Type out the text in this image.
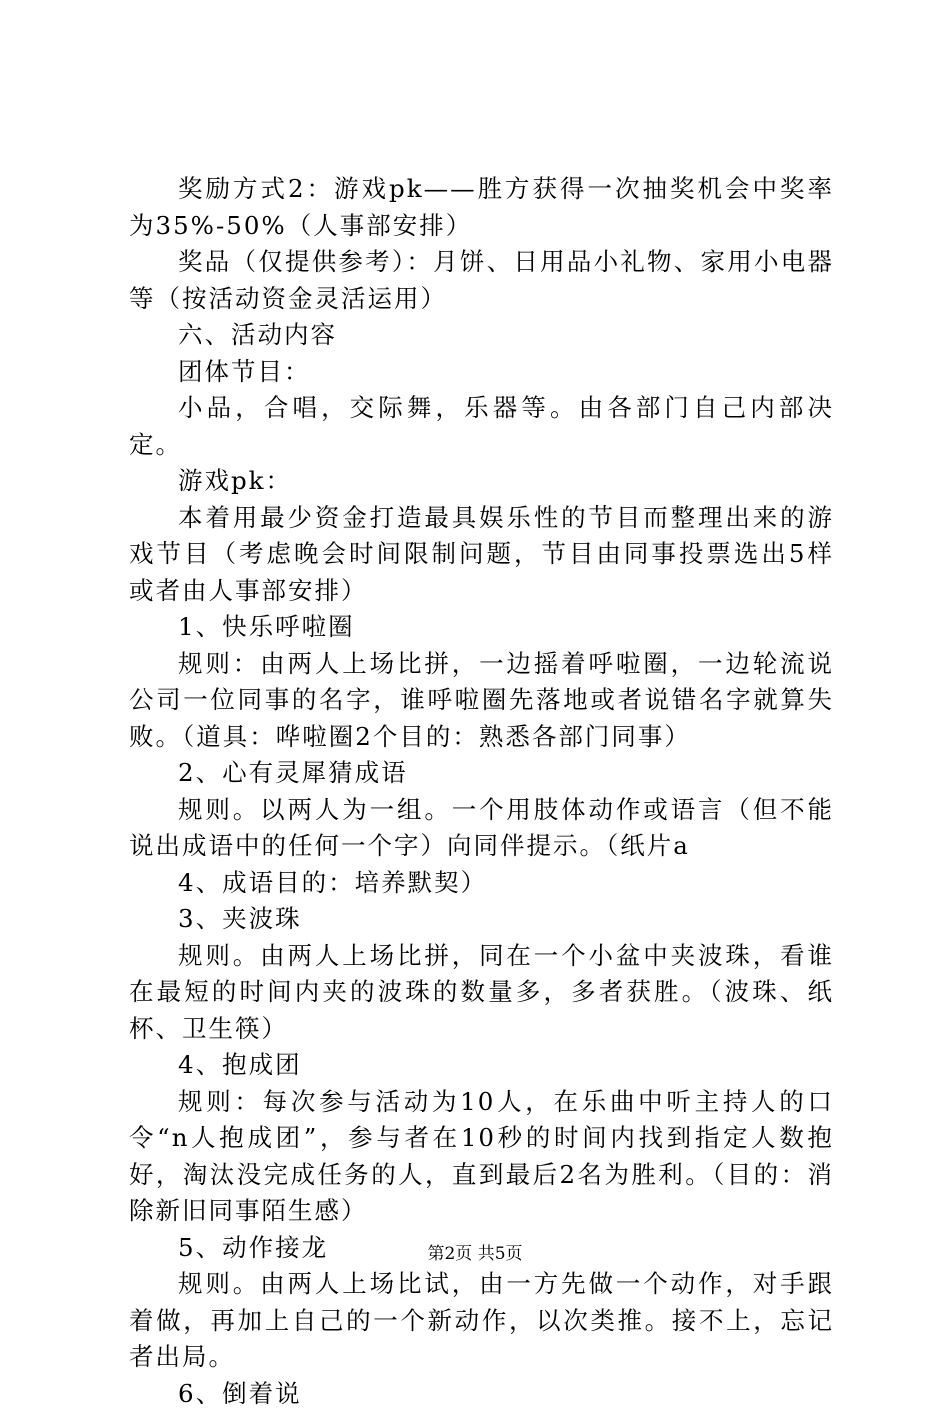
奖励方式2：游戏pk——胜方获得一次抽奖机会中奖率为35%-50%（人事部安排）

奖品（仅提供参考）：月饼、日用品小礼物、家用小电器等（按活动资金灵活运用）

六、活动内容

团体节目：

小品，合唱，交际舞，乐器等。由各部门自己内部决定。

游戏pk：

本着用最少资金打造最具娱乐性的节目而整理出来的游戏节目（考虑晚会时间限制问题，节目由同事投票选出5样或者由人事部安排）

1、快乐呼啦圈

规则：由两人上场比拼，一边摇着呼啦圈，一边轮流说公司一位同事的名字，谁呼啦圈先落地或者说错名字就算失败。（道具：哗啦圈2个目的：熟悉各部门同事）

2、心有灵犀猜成语

规则。以两人为一组。一个用肢体动作或语言（但不能说出成语中的任何一个字）向同伴提示。（纸片a

4、成语目的：培养默契）

3、夹波珠

规则。由两人上场比拼，同在一个小盆中夹波珠，看谁在最短的时间内夹的波珠的数量多，多者获胜。（波珠、纸杯、卫生筷）

4、抱成团

规则：每次参与活动为10人，在乐曲中听主持人的口令“n人抱成团”，参与者在10秒的时间内找到指定人数抱好，淘汰没完成任务的人，直到最后2名为胜利。（目的：消除新旧同事陌生感）

5、动作接龙

规则。由两人上场比试，由一方先做一个动作，对手跟着做，再加上自己的一个新动作，以次类推。接不上，忘记者出局。

6、倒着说

第2页 共5页
